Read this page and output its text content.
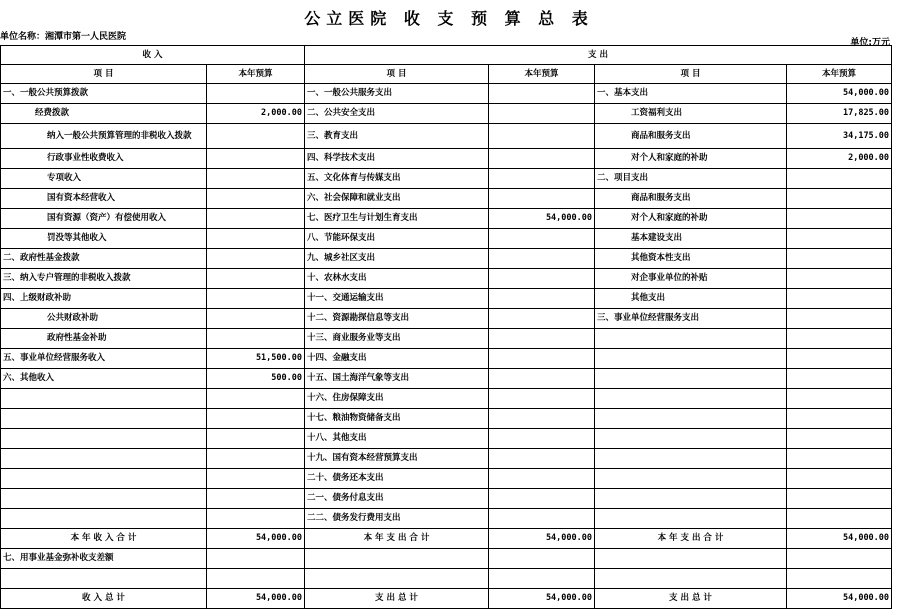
公立医院 收 支 预 算 总 表
单位名称：湘潭市第一人民医院
单位:万元
收 入		支 出			
项 目	本年预算	项 目	本年预算	项 目	本年预算
一、一般公共预算拨款		一、一般公共服务支出		一、基本支出	54,000.00
经费拨款	2,000.00	二、公共安全支出		工资福利支出	17,825.00
纳入一般公共预算管理的非税收入拨款		三、教育支出		商品和服务支出	34,175.00
行政事业性收费收入		四、科学技术支出		对个人和家庭的补助	2,000.00
专项收入		五、文化体育与传媒支出		二、项目支出	
国有资本经营收入		六、社会保障和就业支出		商品和服务支出	
国有资源（资产）有偿使用收入		七、医疗卫生与计划生育支出	54,000.00	对个人和家庭的补助	
罚没等其他收入		八、节能环保支出		基本建设支出	
二、政府性基金拨款		九、城乡社区支出		其他资本性支出	
三、纳入专户管理的非税收入拨款		十、农林水支出		对企事业单位的补贴	
四、上级财政补助		十一、交通运输支出		其他支出	
公共财政补助		十二、资源勘探信息等支出		三、事业单位经营服务支出	
政府性基金补助		十三、商业服务业等支出			
五、事业单位经营服务收入	51,500.00	十四、金融支出			
六、其他收入	500.00	十五、国土海洋气象等支出			
		十六、住房保障支出			
		十七、粮油物资储备支出			
		十八、其他支出			
		十九、国有资本经营预算支出			
		二十、债务还本支出			
		二一、债务付息支出			
		二二、债务发行费用支出			
本 年 收 入 合 计	54,000.00	本 年 支 出 合 计	54,000.00	本 年 支 出 合 计	54,000.00
七、用事业基金弥补收支差额					

收 入 总 计	54,000.00	支 出 总 计	54,000.00	支 出 总 计	54,000.00
